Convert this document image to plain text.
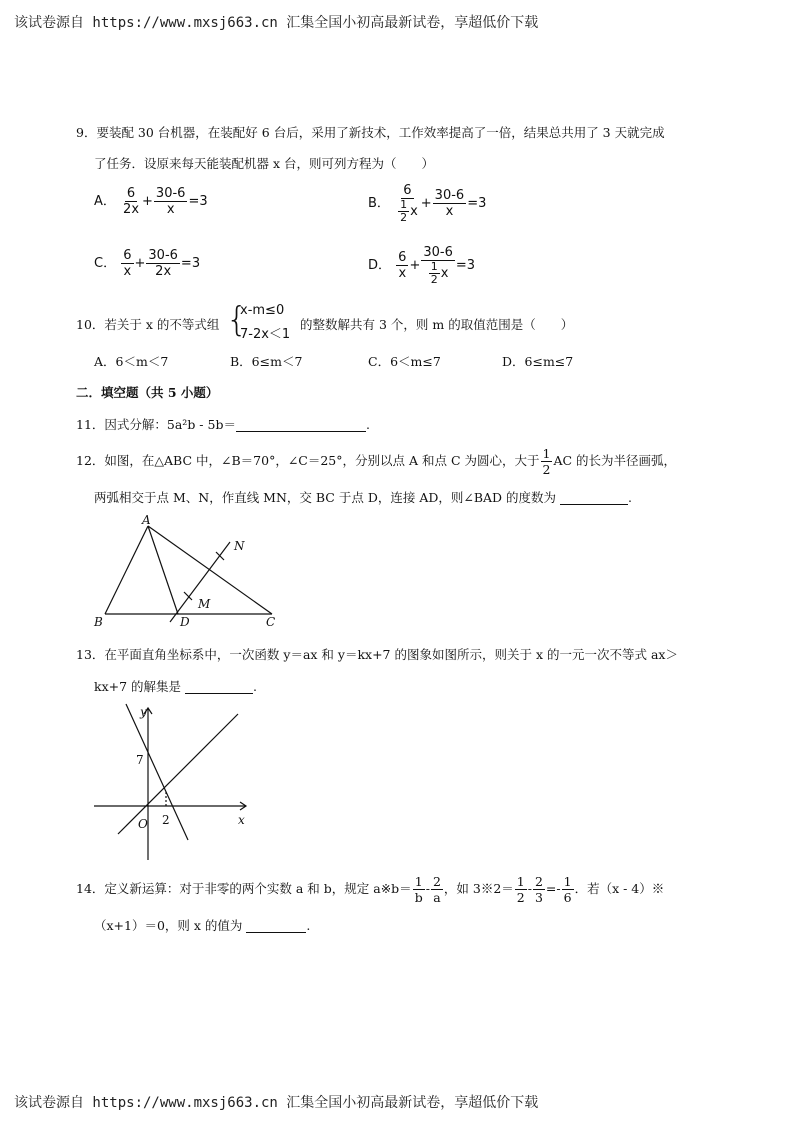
该试卷源自 https://www.mxsj663.cn 汇集全国小初高最新试卷，享超低价下载
该试卷源自 https://www.mxsj663.cn 汇集全国小初高最新试卷，享超低价下载
9．要装配 30 台机器，在装配好 6 台后，采用了新技术，工作效率提高了一倍，结果总共用了 3 天就完成
了任务．设原来每天能装配机器 x 台，则可列方程为（　　）
A． $\frac{6}{2x} + \frac{30-6}{x} =3$	B． $\frac{6}{\frac{1}{2} x} + \frac{30-6}{x} =3$
C． $\frac{6}{x} + \frac{30-6}{2x} =3$	D． $\frac{6}{x} + \frac{30-6}{\frac{1}{2} x} =3$
10．若关于 x 的不等式组 {
x-m≤0
7-2x＜1
的整数解共有 3 个，则 m 的取值范围是（　　）
A．6＜m＜7	B．6≤m＜7	C．6＜m≤7	D．6≤m≤7
二．填空题（共 5 小题）
11．因式分解：5a²b - 5b＝	.
12．如图，在△ABC 中，∠B＝70°，∠C＝25°，分别以点 A 和点 C 为圆心，大于 $\frac{1}{2}$ AC 的长为半径画弧，
两弧相交于点 M、N，作直线 MN，交 BC 于点 D，连接 AD，则∠BAD 的度数为	.
A
B	C
D
M
N
13．在平面直角坐标系中，一次函数 y＝ax 和 y＝kx+7 的图象如图所示，则关于 x 的一元一次不等式 ax＞
kx+7 的解集是	.
y
x
O
7
2
14．定义新运算：对于非零的两个实数 a 和 b，规定 a※b＝ $\frac{1}{b} - \frac{2}{a}$ ，如 3※2＝ $\frac{1}{2} - \frac{2}{3} =- \frac{1}{6}$ ．若（x - 4）※
（x+1）＝0，则 x 的值为	.
